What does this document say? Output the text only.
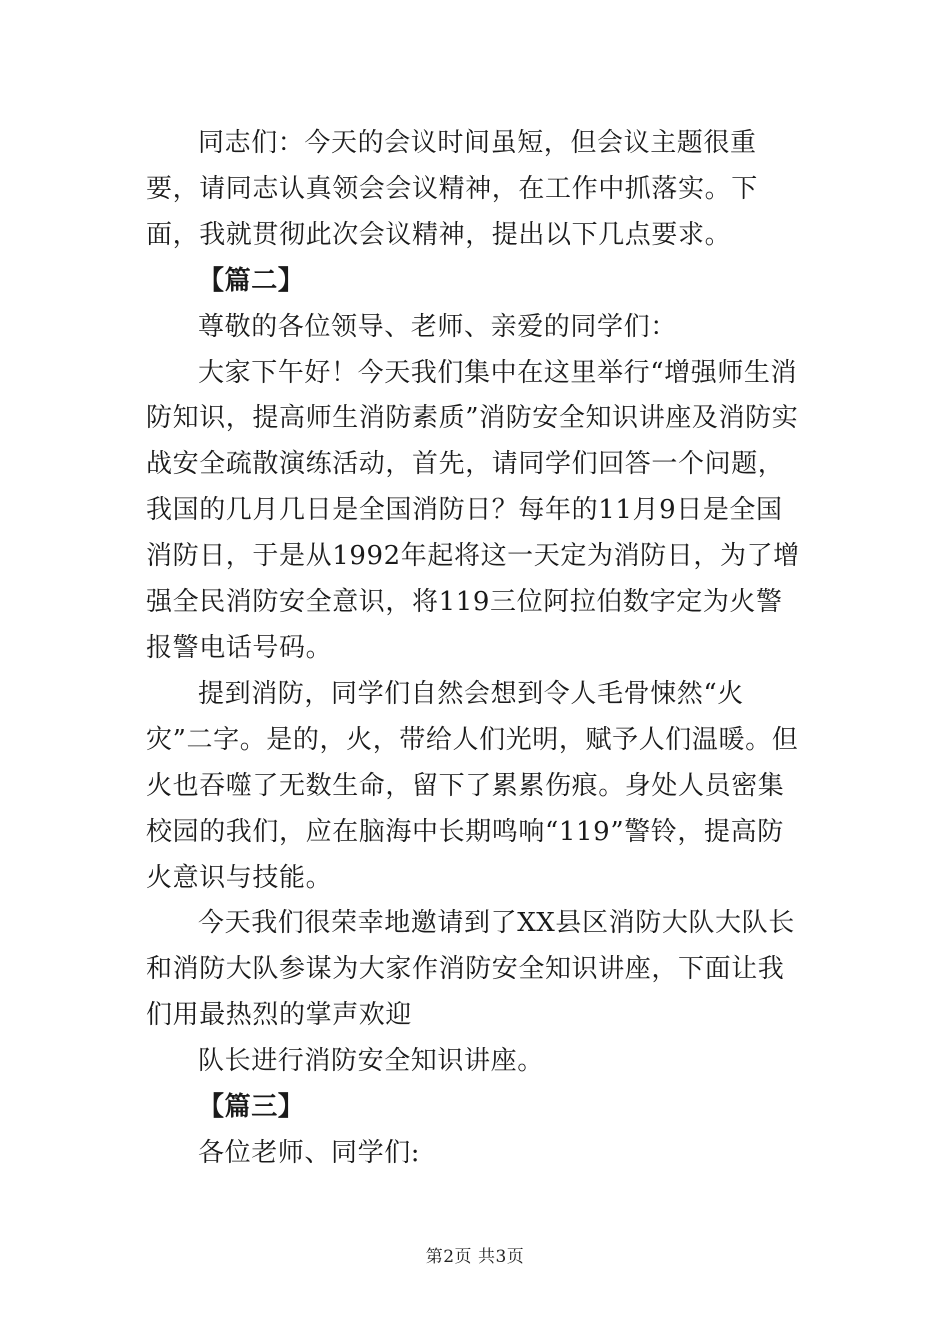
同志们：今天的会议时间虽短，但会议主题很重要，请同志认真领会会议精神，在工作中抓落实。下面，我就贯彻此次会议精神，提出以下几点要求。

【篇二】

尊敬的各位领导、老师、亲爱的同学们：

大家下午好！今天我们集中在这里举行“增强师生消防知识，提高师生消防素质”消防安全知识讲座及消防实战安全疏散演练活动，首先，请同学们回答一个问题，我国的几月几日是全国消防日？每年的11月9日是全国消防日，于是从1992年起将这一天定为消防日，为了增强全民消防安全意识，将119三位阿拉伯数字定为火警报警电话号码。

提到消防，同学们自然会想到令人毛骨悚然“火灾”二字。是的，火，带给人们光明，赋予人们温暖。但火也吞噬了无数生命，留下了累累伤痕。身处人员密集校园的我们，应在脑海中长期鸣响“119”警铃，提高防火意识与技能。

今天我们很荣幸地邀请到了XX县区消防大队大队长和消防大队参谋为大家作消防安全知识讲座，下面让我们用最热烈的掌声欢迎

队长进行消防安全知识讲座。

【篇三】

各位老师、同学们:

第2页 共3页
